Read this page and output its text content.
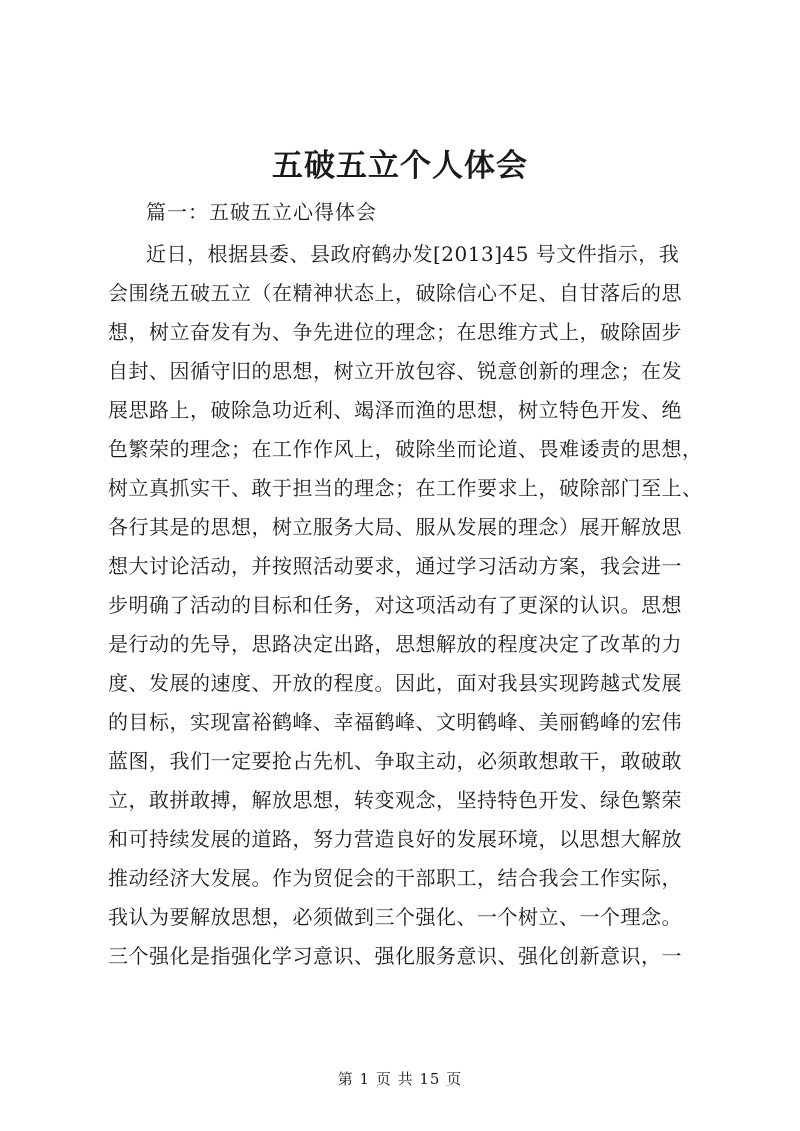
五破五立个人体会
篇一：五破五立心得体会
近日，根据县委、县政府鹤办发[2013]45 号文件指示，我
会围绕五破五立（在精神状态上，破除信心不足、自甘落后的思
想，树立奋发有为、争先进位的理念；在思维方式上，破除固步
自封、因循守旧的思想，树立开放包容、锐意创新的理念；在发
展思路上，破除急功近利、竭泽而渔的思想，树立特色开发、绝
色繁荣的理念；在工作作风上，破除坐而论道、畏难诿责的思想，
树立真抓实干、敢于担当的理念；在工作要求上，破除部门至上、
各行其是的思想，树立服务大局、服从发展的理念）展开解放思
想大讨论活动，并按照活动要求，通过学习活动方案，我会进一
步明确了活动的目标和任务，对这项活动有了更深的认识。思想
是行动的先导，思路决定出路，思想解放的程度决定了改革的力
度、发展的速度、开放的程度。因此，面对我县实现跨越式发展
的目标，实现富裕鹤峰、幸福鹤峰、文明鹤峰、美丽鹤峰的宏伟
蓝图，我们一定要抢占先机、争取主动，必须敢想敢干，敢破敢
立，敢拼敢搏，解放思想，转变观念，坚持特色开发、绿色繁荣
和可持续发展的道路，努力营造良好的发展环境，以思想大解放
推动经济大发展。作为贸促会的干部职工，结合我会工作实际，
我认为要解放思想，必须做到三个强化、一个树立、一个理念。
三个强化是指强化学习意识、强化服务意识、强化创新意识，一
第 1 页 共 15 页
